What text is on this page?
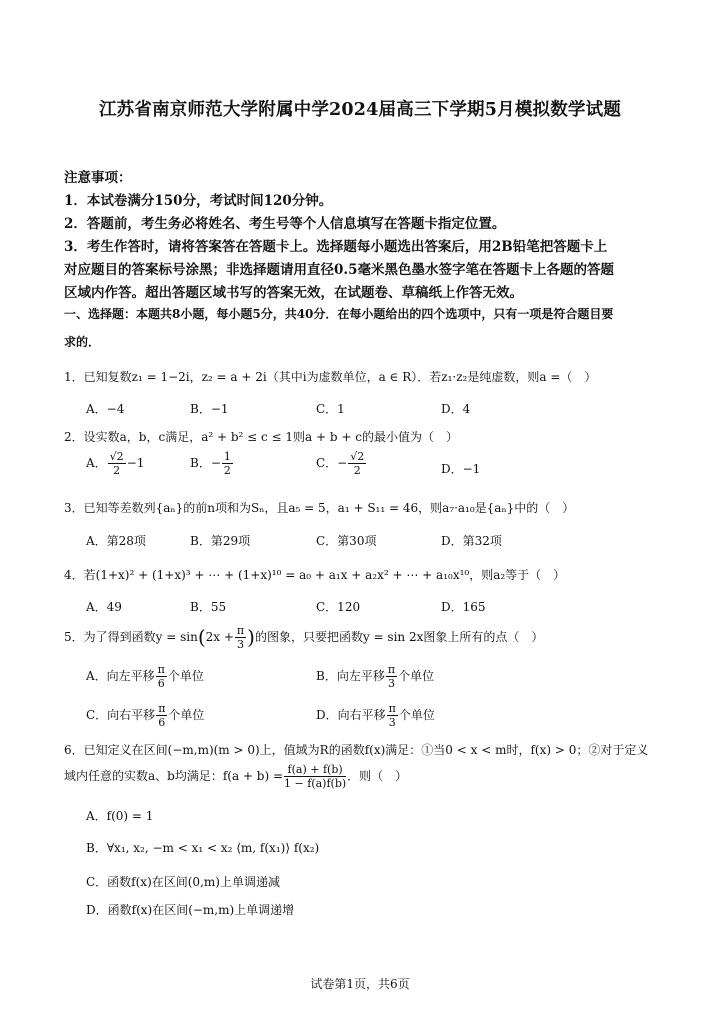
江苏省南京师范大学附属中学2024届高三下学期5月模拟数学试题
注意事项：
1．本试卷满分150分，考试时间120分钟。
2．答题前，考生务必将姓名、考生号等个人信息填写在答题卡指定位置。
3．考生作答时，请将答案答在答题卡上。选择题每小题选出答案后，用2B铅笔把答题卡上
对应题目的答案标号涂黑；非选择题请用直径0.5毫米黑色墨水签字笔在答题卡上各题的答题
区域内作答。超出答题区域书写的答案无效，在试题卷、草稿纸上作答无效。
一、选择题：本题共8小题，每小题5分，共40分．在每小题给出的四个选项中，只有一项是符合题目要
求的．
1．已知复数z₁ = 1−2i，z₂ = a + 2i（其中i为虚数单位，a ∈ R）．若z₁·z₂是纯虚数，则a =（　）
A．−4	B．−1	C．1	D．4
2．设实数a，b，c满足，a² + b² ≤ c ≤ 1则a + b + c的最小值为（　）
A． $\frac{√2}{2} -1$	B．− $\frac{1}{2}$	C．− $\frac{√2}{2}$	D．−1
3．已知等差数列{aₙ}的前n项和为Sₙ，且a₅ = 5，a₁ + S₁₁ = 46，则a₇·a₁₀是{aₙ}中的（　）
A．第28项	B．第29项	C．第30项	D．第32项
4．若(1+x)² + (1+x)³ + ⋯ + (1+x)¹⁰ = a₀ + a₁x + a₂x² + ⋯ + a₁₀x¹⁰，则a₂等于（　）
A．49	B．55	C．120	D．165
5．为了得到函数$y = \sin(2x + \frac{\pi}{3}$ )的图象，只要把函数y = sin 2x图象上所有的点（　）
A．向左平移 $\frac{\pi}{6}$ 个单位	B．向左平移 $\frac{\pi}{3}$ 个单位
C．向右平移 $\frac{\pi}{6}$ 个单位	D．向右平移 $\frac{\pi}{3}$ 个单位
6．已知定义在区间(−m,m)(m > 0)上，值域为R的函数f(x)满足：①当0 < x < m时，f(x) > 0；②对于定义
域内任意的实数a、b均满足：$f(a + b) = \frac{f(a) + f(b)}{1 - f(a)f(b)}$ ．则（　）
A．f(0) = 1
B．∀x₁, x₂, −m < x₁ < x₂ ⟨m, f(x₁)⟩ f(x₂)
C．函数f(x)在区间(0,m)上单调递减
D．函数f(x)在区间(−m,m)上单调递增
试卷第1页，共6页
